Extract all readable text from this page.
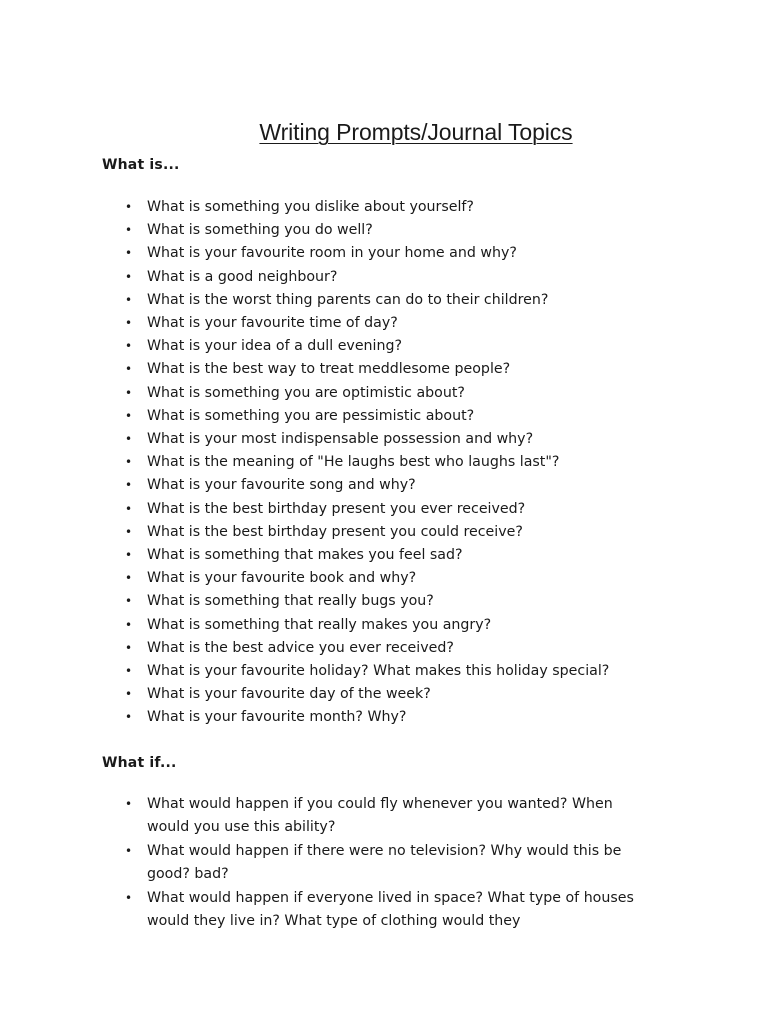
Writing Prompts/Journal Topics
What is...
• What is something you dislike about yourself?
• What is something you do well?
• What is your favourite room in your home and why?
• What is a good neighbour?
• What is the worst thing parents can do to their children?
• What is your favourite time of day?
• What is your idea of a dull evening?
• What is the best way to treat meddlesome people?
• What is something you are optimistic about?
• What is something you are pessimistic about?
• What is your most indispensable possession and why?
• What is the meaning of "He laughs best who laughs last"?
• What is your favourite song and why?
• What is the best birthday present you ever received?
• What is the best birthday present you could receive?
• What is something that makes you feel sad?
• What is your favourite book and why?
• What is something that really bugs you?
• What is something that really makes you angry?
• What is the best advice you ever received?
• What is your favourite holiday? What makes this holiday special?
• What is your favourite day of the week?
• What is your favourite month? Why?
What if...
• What would happen if you could fly whenever you wanted? When would you use this ability?
• What would happen if there were no television? Why would this be good? bad?
• What would happen if everyone lived in space? What type of houses would they live in? What type of clothing would they
